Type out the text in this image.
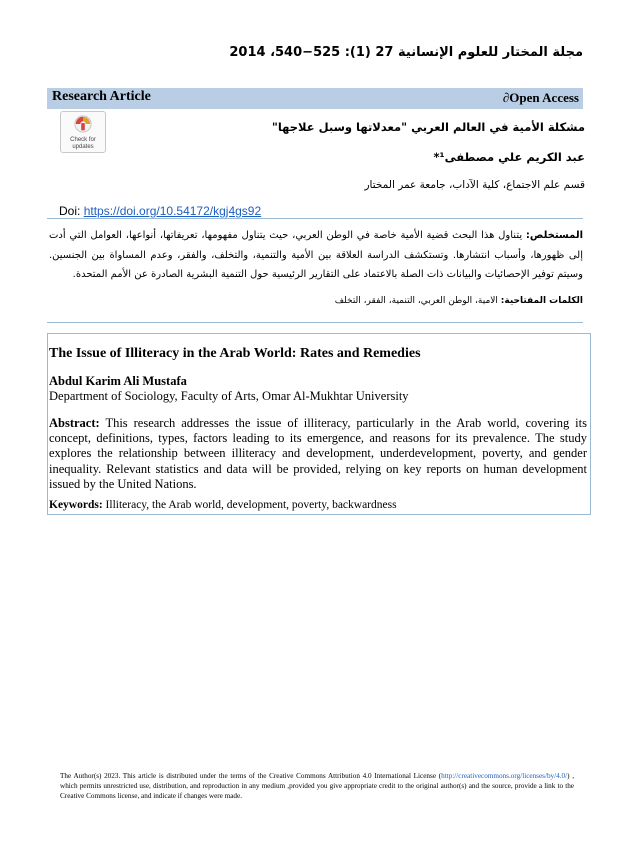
مجلة المختار للعلوم الإنسانية 27 (1): 525−540، 2014
Research Article	∂Open Access
Check for updates
مشكلة الأمية في العالم العربي "معدلاتها وسبل علاجها"
عبد الكريم علي مصطفى¹*
قسم علم الاجتماع، كلية الآداب، جامعة عمر المختار
Doi: https://doi.org/10.54172/kgj4gs92
المستخلص: يتناول هذا البحث قضية الأمية خاصة في الوطن العربي، حيث يتناول مفهومها، تعريفاتها، أنواعها، العوامل التي أدت إلى ظهورها، وأسباب انتشارها. وتستكشف الدراسة العلاقة بين الأمية والتنمية، والتخلف، والفقر، وعدم المساواة بين الجنسين. وسيتم توفير الإحصائيات والبيانات ذات الصلة بالاعتماد على التقارير الرئيسية حول التنمية البشرية الصادرة عن الأمم المتحدة.
الكلمات المفتاحية: الامية، الوطن العربي، التنمية، الفقر، التخلف
The Issue of Illiteracy in the Arab World: Rates and Remedies
Abdul Karim Ali Mustafa
Department of Sociology, Faculty of Arts, Omar Al-Mukhtar University
Abstract: This research addresses the issue of illiteracy, particularly in the Arab world, covering its concept, definitions, types, factors leading to its emergence, and reasons for its prevalence. The study explores the relationship between illiteracy and development, underdevelopment, poverty, and gender inequality. Relevant statistics and data will be provided, relying on key reports on human development issued by the United Nations.
Keywords: Illiteracy, the Arab world, development, poverty, backwardness
The Author(s) 2023. This article is distributed under the terms of the Creative Commons Attribution 4.0 International License (http://creativecommons.org/licenses/by/4.0/) , which permits unrestricted use, distribution, and reproduction in any medium ,provided you give appropriate credit to the original author(s) and the source, provide a link to the Creative Commons license, and indicate if changes were made.
